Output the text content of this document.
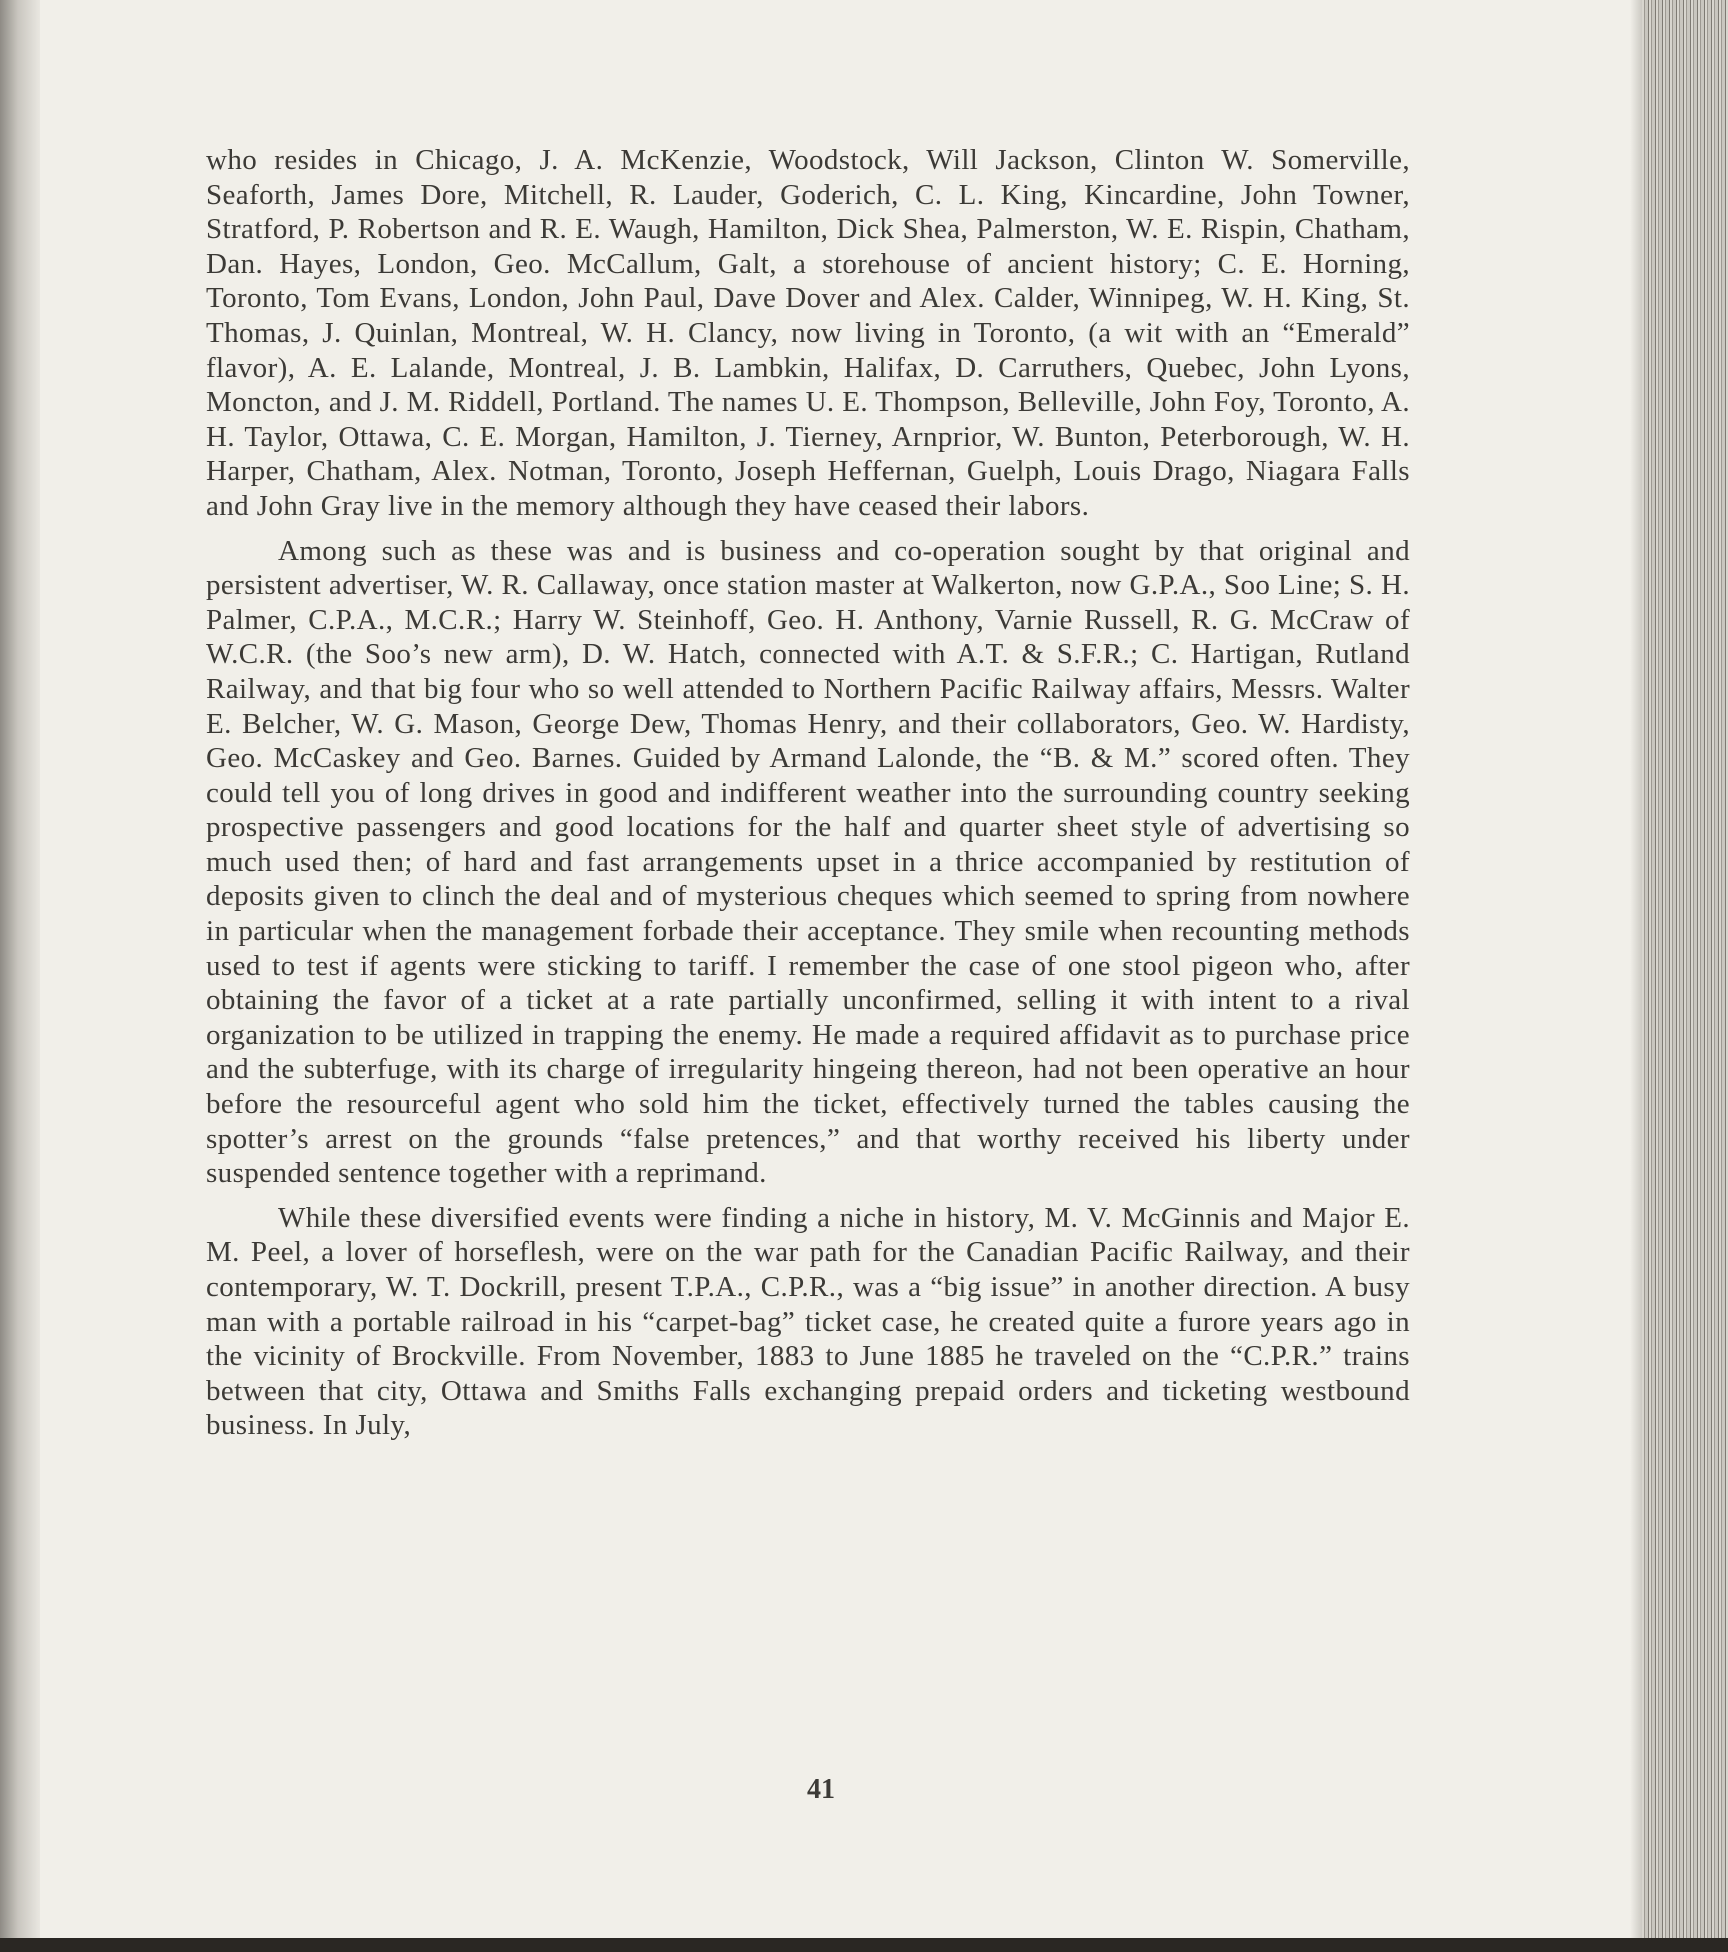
who resides in Chicago, J. A. McKenzie, Woodstock, Will Jackson, Clinton W. Somerville, Seaforth, James Dore, Mitchell, R. Lauder, Goderich, C. L. King, Kincardine, John Towner, Stratford, P. Robertson and R. E. Waugh, Hamilton, Dick Shea, Palmerston, W. E. Rispin, Chatham, Dan. Hayes, London, Geo. McCallum, Galt, a storehouse of ancient history; C. E. Horning, Toronto, Tom Evans, London, John Paul, Dave Dover and Alex. Calder, Winnipeg, W. H. King, St. Thomas, J. Quinlan, Montreal, W. H. Clancy, now living in Toronto, (a wit with an “Emerald” flavor), A. E. Lalande, Montreal, J. B. Lambkin, Halifax, D. Carruthers, Quebec, John Lyons, Moncton, and J. M. Riddell, Portland. The names U. E. Thompson, Belleville, John Foy, Toronto, A. H. Taylor, Ottawa, C. E. Morgan, Hamilton, J. Tierney, Arnprior, W. Bunton, Peterborough, W. H. Harper, Chatham, Alex. Notman, Toronto, Joseph Heffernan, Guelph, Louis Drago, Niagara Falls and John Gray live in the memory although they have ceased their labors.

Among such as these was and is business and co-operation sought by that original and persistent advertiser, W. R. Callaway, once station master at Walkerton, now G.P.A., Soo Line; S. H. Palmer, C.P.A., M.C.R.; Harry W. Steinhoff, Geo. H. Anthony, Varnie Russell, R. G. McCraw of W.C.R. (the Soo’s new arm), D. W. Hatch, connected with A.T. & S.F.R.; C. Hartigan, Rutland Railway, and that big four who so well attended to Northern Pacific Railway affairs, Messrs. Walter E. Belcher, W. G. Mason, George Dew, Thomas Henry, and their collaborators, Geo. W. Hardisty, Geo. McCaskey and Geo. Barnes. Guided by Armand Lalonde, the “B. & M.” scored often. They could tell you of long drives in good and indifferent weather into the surrounding country seeking prospective passengers and good locations for the half and quarter sheet style of advertising so much used then; of hard and fast arrangements upset in a thrice accompanied by restitution of deposits given to clinch the deal and of mysterious cheques which seemed to spring from nowhere in particular when the management forbade their acceptance. They smile when recounting methods used to test if agents were sticking to tariff. I remember the case of one stool pigeon who, after obtaining the favor of a ticket at a rate partially unconfirmed, selling it with intent to a rival organization to be utilized in trapping the enemy. He made a required affidavit as to purchase price and the subterfuge, with its charge of irregularity hingeing thereon, had not been operative an hour before the resourceful agent who sold him the ticket, effectively turned the tables causing the spotter’s arrest on the grounds “false pretences,” and that worthy received his liberty under suspended sentence together with a reprimand.

While these diversified events were finding a niche in history, M. V. McGinnis and Major E. M. Peel, a lover of horseflesh, were on the war path for the Canadian Pacific Railway, and their contemporary, W. T. Dockrill, present T.P.A., C.P.R., was a “big issue” in another direction. A busy man with a portable railroad in his “carpet-bag” ticket case, he created quite a furore years ago in the vicinity of Brockville. From November, 1883 to June 1885 he traveled on the “C.P.R.” trains between that city, Ottawa and Smiths Falls exchanging prepaid orders and ticketing westbound business. In July,

41
